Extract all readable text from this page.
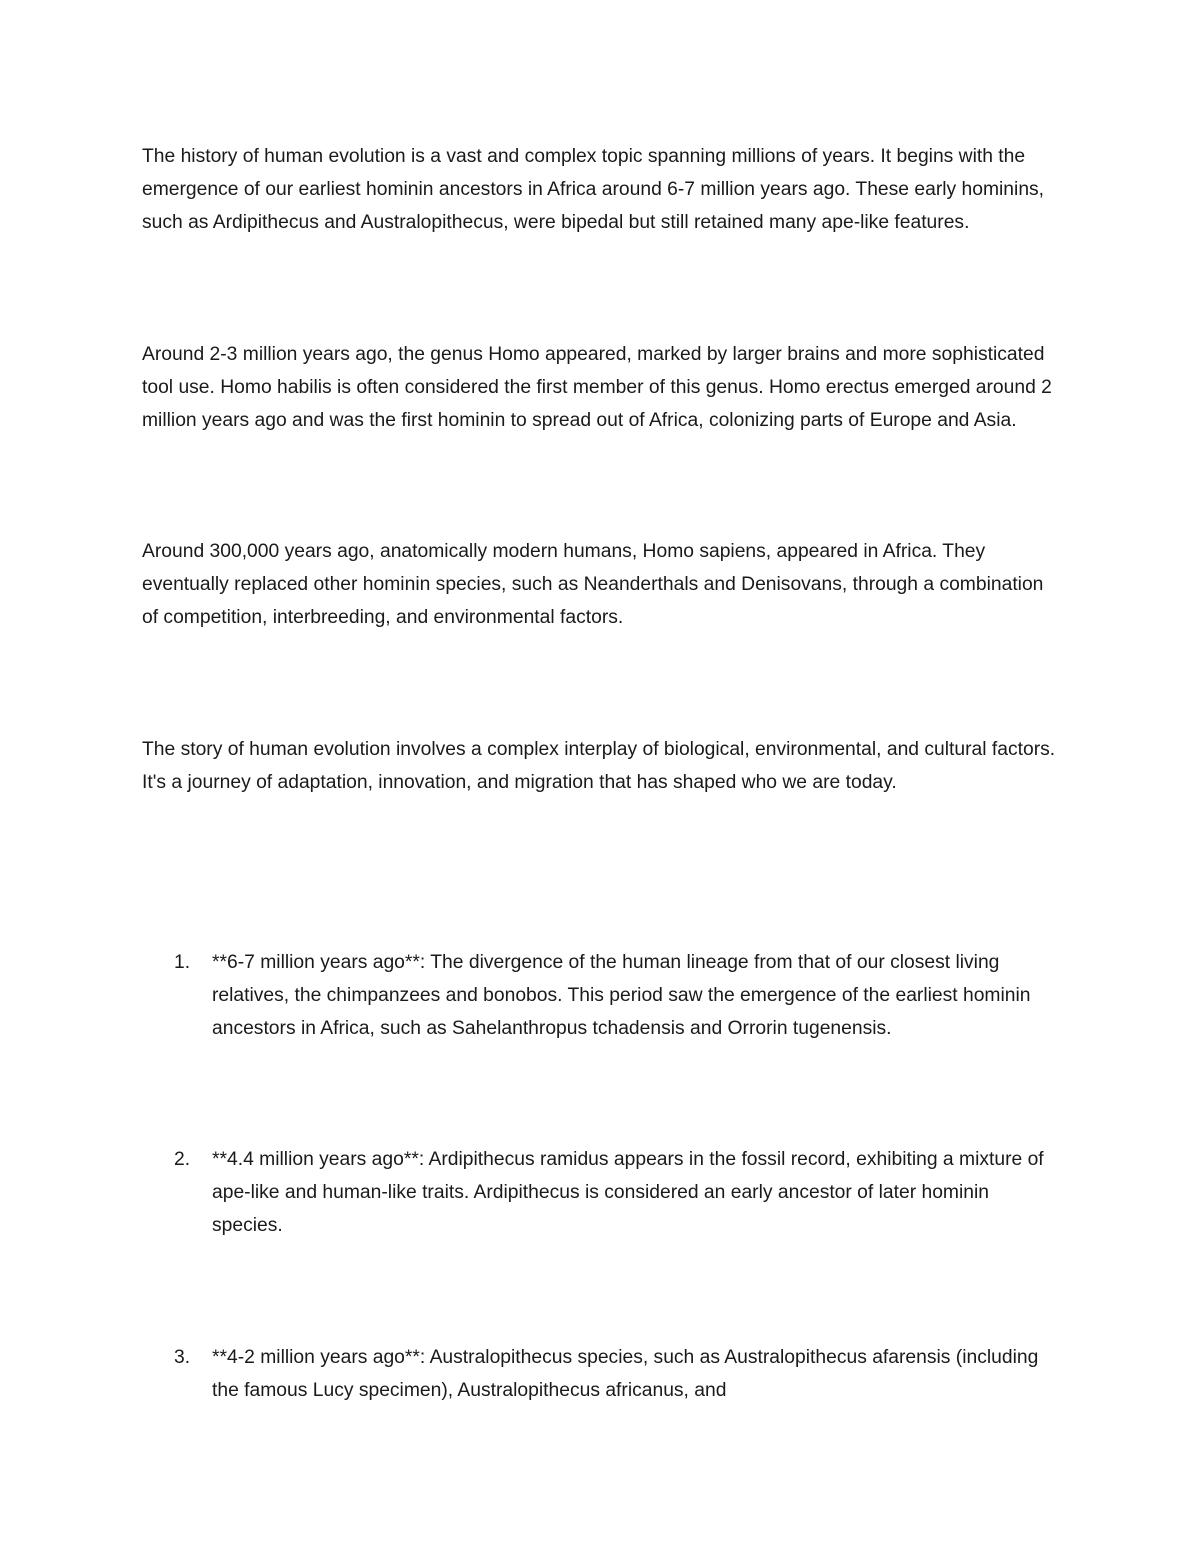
The history of human evolution is a vast and complex topic spanning millions of years. It begins with the emergence of our earliest hominin ancestors in Africa around 6-7 million years ago. These early hominins, such as Ardipithecus and Australopithecus, were bipedal but still retained many ape-like features.

Around 2-3 million years ago, the genus Homo appeared, marked by larger brains and more sophisticated tool use. Homo habilis is often considered the first member of this genus. Homo erectus emerged around 2 million years ago and was the first hominin to spread out of Africa, colonizing parts of Europe and Asia.

Around 300,000 years ago, anatomically modern humans, Homo sapiens, appeared in Africa. They eventually replaced other hominin species, such as Neanderthals and Denisovans, through a combination of competition, interbreeding, and environmental factors.

The story of human evolution involves a complex interplay of biological, environmental, and cultural factors. It's a journey of adaptation, innovation, and migration that has shaped who we are today.

1. **6-7 million years ago**: The divergence of the human lineage from that of our closest living relatives, the chimpanzees and bonobos. This period saw the emergence of the earliest hominin ancestors in Africa, such as Sahelanthropus tchadensis and Orrorin tugenensis.

2. **4.4 million years ago**: Ardipithecus ramidus appears in the fossil record, exhibiting a mixture of ape-like and human-like traits. Ardipithecus is considered an early ancestor of later hominin species.

3. **4-2 million years ago**: Australopithecus species, such as Australopithecus afarensis (including the famous Lucy specimen), Australopithecus africanus, and
